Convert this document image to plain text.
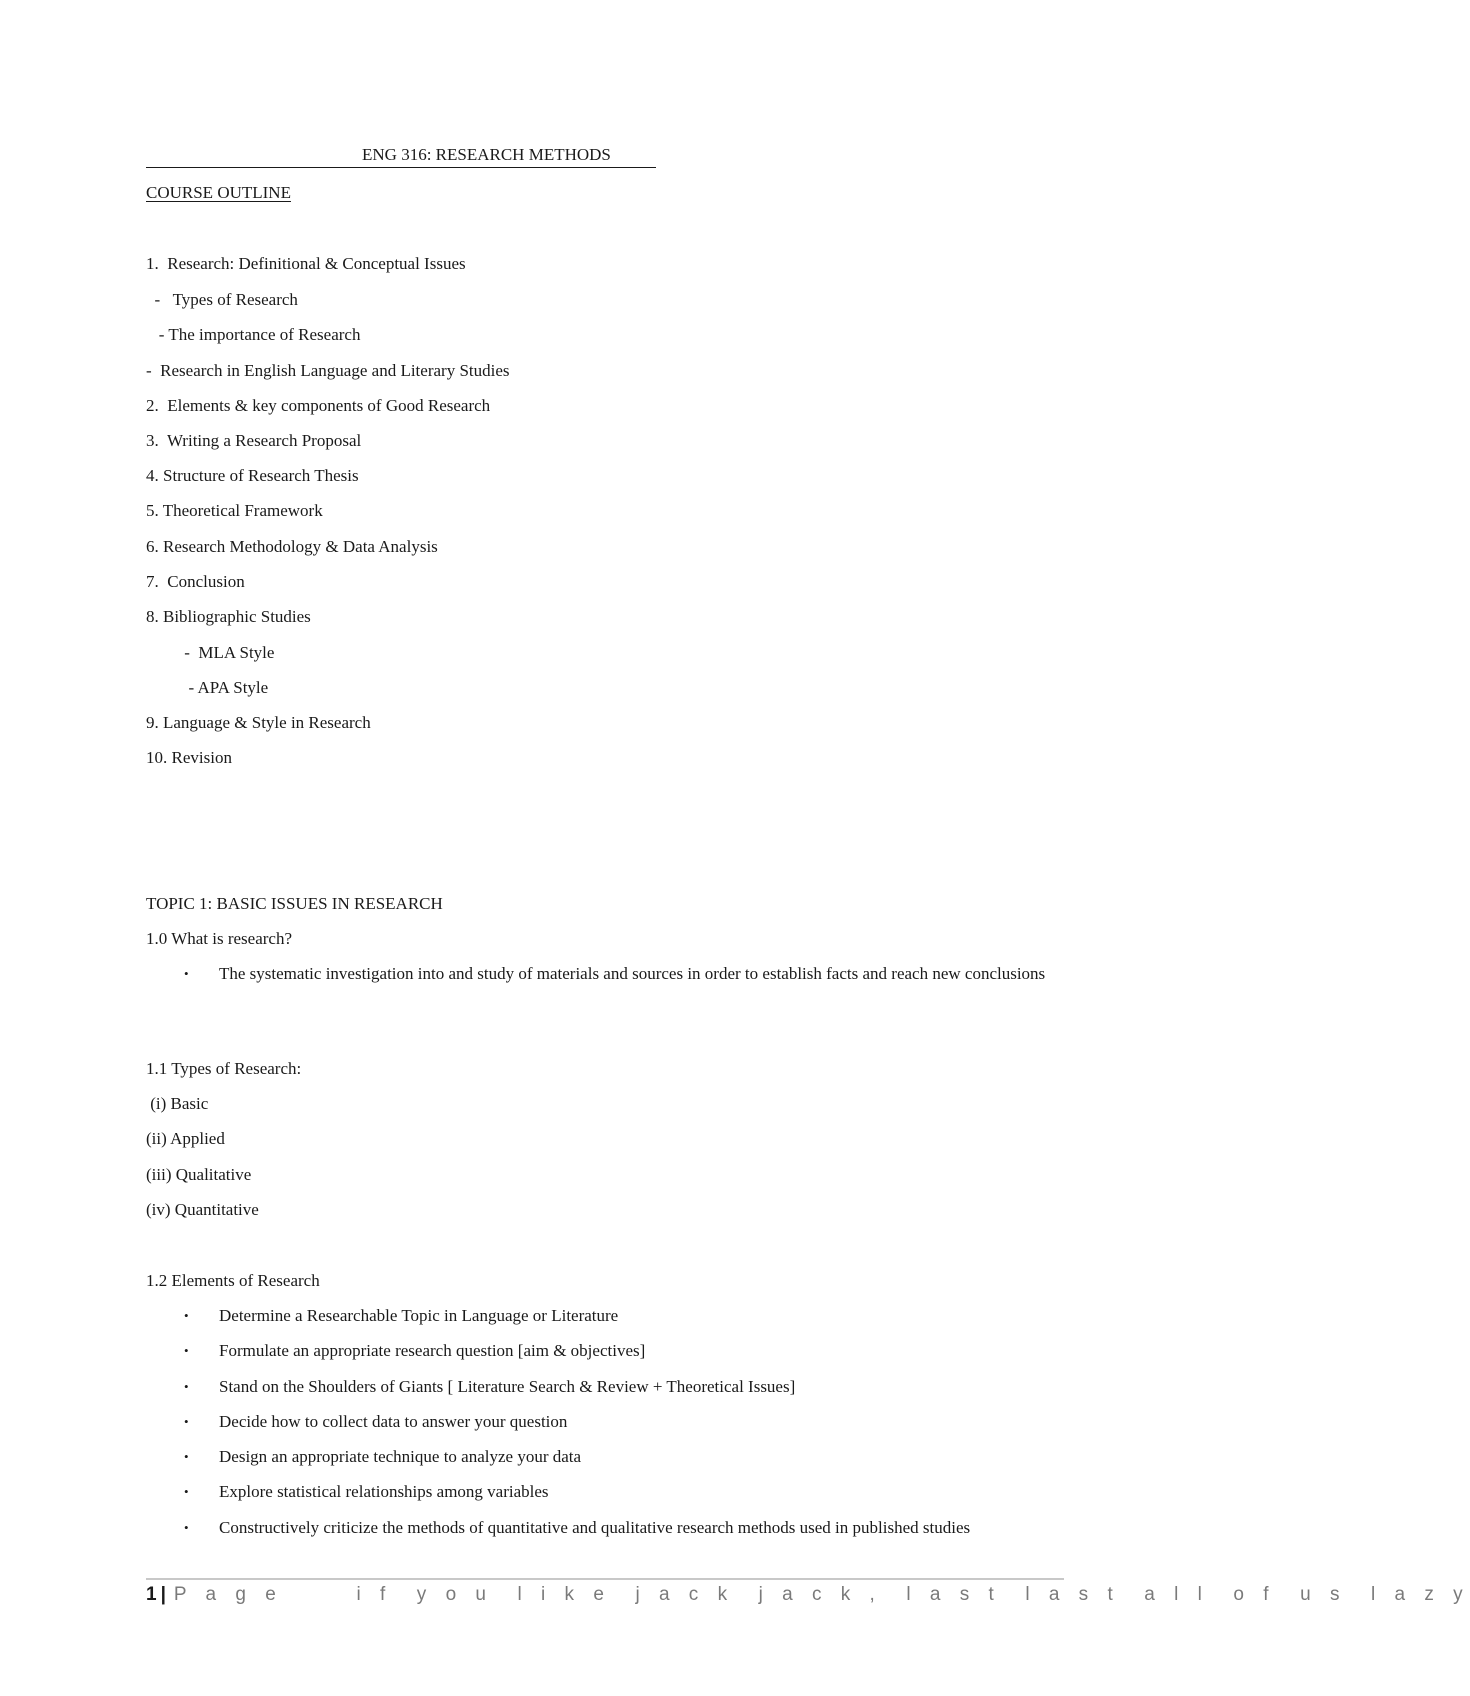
ENG 316: RESEARCH METHODS
COURSE OUTLINE
1.  Research: Definitional & Conceptual Issues
-   Types of Research
- The importance of Research
-  Research in English Language and Literary Studies
2.  Elements & key components of Good Research
3.  Writing a Research Proposal
4. Structure of Research Thesis
5. Theoretical Framework
6. Research Methodology & Data Analysis
7.  Conclusion
8. Bibliographic Studies
-  MLA Style
- APA Style
9. Language & Style in Research
10. Revision
TOPIC 1: BASIC ISSUES IN RESEARCH
1.0 What is research?
• The systematic investigation into and study of materials and sources in order to establish facts and reach new conclusions
1.1 Types of Research:
(i) Basic
(ii) Applied
(iii) Qualitative
(iv) Quantitative
1.2 Elements of Research
• Determine a Researchable Topic in Language or Literature
• Formulate an appropriate research question [aim & objectives]
• Stand on the Shoulders of Giants [ Literature Search & Review + Theoretical Issues]
• Decide how to collect data to answer your question
• Design an appropriate technique to analyze your data
• Explore statistical relationships among variables
• Constructively criticize the methods of quantitative and qualitative research methods used in published studies
1 | P a g e	i f  y o u  l i k e  j a c k  j a c k ,  l a s t  l a s t  a l l  o f  u s  l a z y
